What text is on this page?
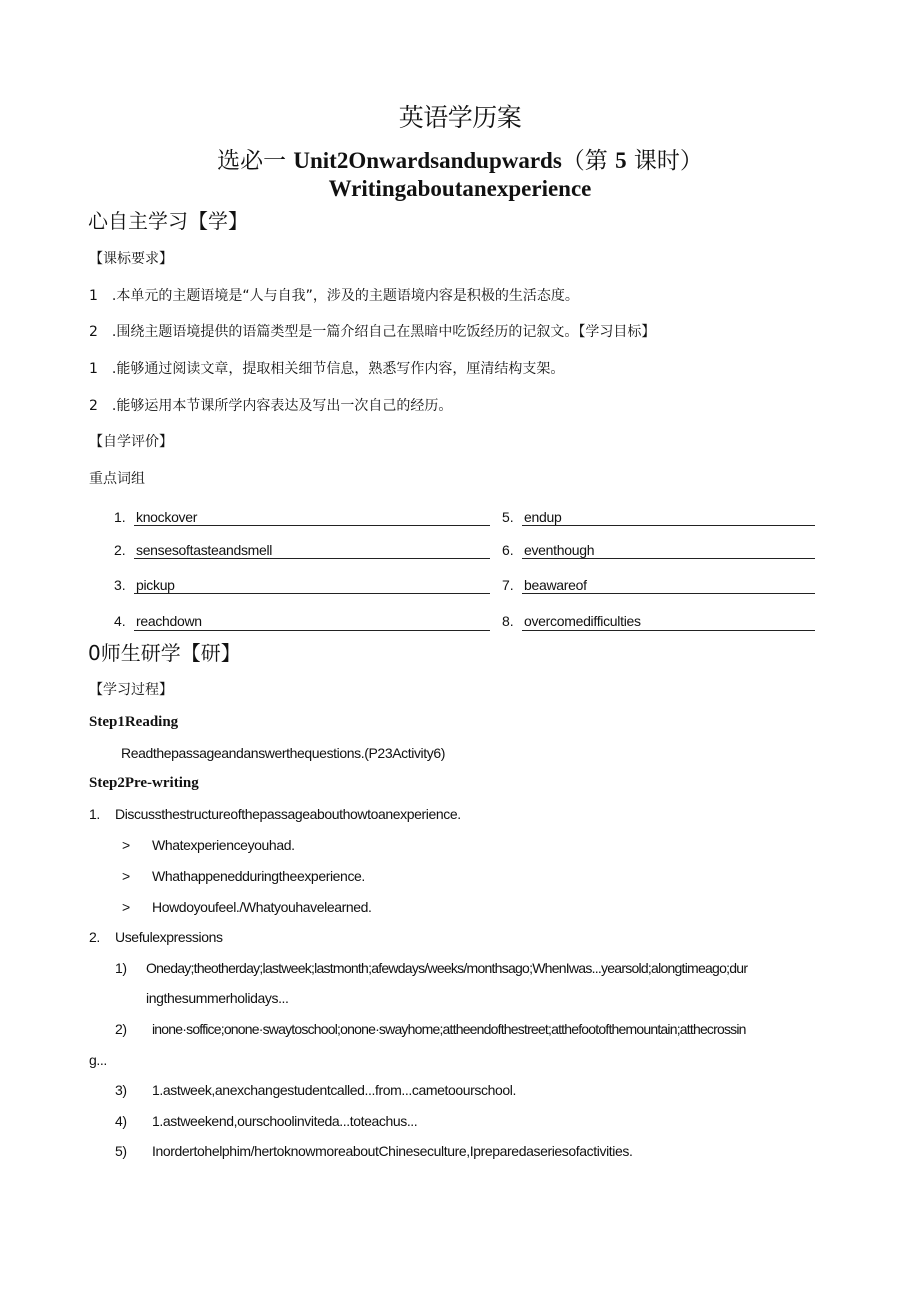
英语学历案
选必一 Unit2Onwardsandupwards（第 5 课时）
Writingaboutanexperience
心自主学习【学】
【课标要求】
1　.本单元的主题语境是“人与自我”，涉及的主题语境内容是积极的生活态度。
2　.围绕主题语境提供的语篇类型是一篇介绍自己在黑暗中吃饭经历的记叙文。【学习目标】
1　.能够通过阅读文章，提取相关细节信息，熟悉写作内容，厘清结构支架。
2　.能够运用本节课所学内容表达及写出一次自己的经历。
【自学评价】
重点词组
1. knockover
2. sensesoftasteandsmell
3. pickup
4. reachdown
5. endup
6. eventhough
7. beawareof
8. overcomedifficulties
0师生研学【研】
【学习过程】
Step1Reading
Readthepassageandanswerthequestions.(P23Activity6)
Step2Pre-writing
1. Discussthestructureofthepassageabouthowtoanexperience.
> Whatexperienceyouhad.
> Whathappenedduringtheexperience.
> Howdoyoufeel./Whatyouhavelearned.
2. Usefulexpressions
1) Oneday;theotherday;lastweek;lastmonth;afewdays/weeks/monthsago;WhenIwas...yearsold;alongtimeago;dur
ingthesummerholidays...
2) inone·soffice;onone·swaytoschool;onone·swayhome;attheendofthestreet;atthefootofthemountain;atthecrossin
g...
3) 1.astweek,anexchangestudentcalled...from...cametoourschool.
4) 1.astweekend,ourschoolinviteda...toteachus...
5) Inordertohelphim/hertoknowmoreaboutChineseculture,Ipreparedaseriesofactivities.
